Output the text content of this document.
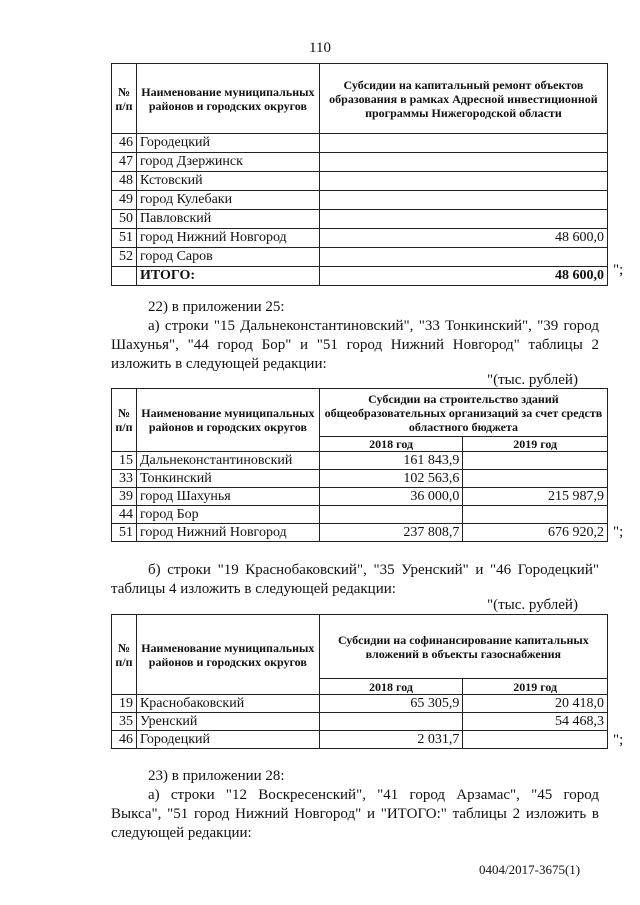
110
№ п/п	Наименование муниципальных районов и городских округов	Субсидии на капитальный ремонт объектов образования в рамках Адресной инвестиционной программы Нижегородской области
46	Городецкий	
47	город Дзержинск	
48	Кстовский	
49	город Кулебаки	
50	Павловский	
51	город Нижний Новгород	48 600,0
52	город Саров	
	ИТОГО:	48 600,0 ";
22) в приложении 25:
а) строки "15 Дальнеконстантиновский", "33 Тонкинский", "39 город
Шахунья", "44 город Бор" и "51 город Нижний Новгород" таблицы 2
изложить в следующей редакции:
"(тыс. рублей)
№ п/п	Наименование муниципальных районов и городских округов	Субсидии на строительство зданий общеобразовательных организаций за счет средств областного бюджета	
		2018 год	2019 год
15	Дальнеконстантиновский	161 843,9	
33	Тонкинский	102 563,6	
39	город Шахунья	36 000,0	215 987,9
44	город Бор		
51	город Нижний Новгород	237 808,7	676 920,2 ";
б) строки "19 Краснобаковский", "35 Уренский" и "46 Городецкий"
таблицы 4 изложить в следующей редакции:
"(тыс. рублей)
№ п/п	Наименование муниципальных районов и городских округов	Субсидии на софинансирование капитальных вложений в объекты газоснабжения	
		2018 год	2019 год
19	Краснобаковский	65 305,9	20 418,0
35	Уренский		54 468,3
46	Городецкий	2 031,7		";
23) в приложении 28:
а) строки "12 Воскресенский", "41 город Арзамас", "45 город
Выкса", "51 город Нижний Новгород" и "ИТОГО:" таблицы 2 изложить в
следующей редакции:
0404/2017-3675(1)
